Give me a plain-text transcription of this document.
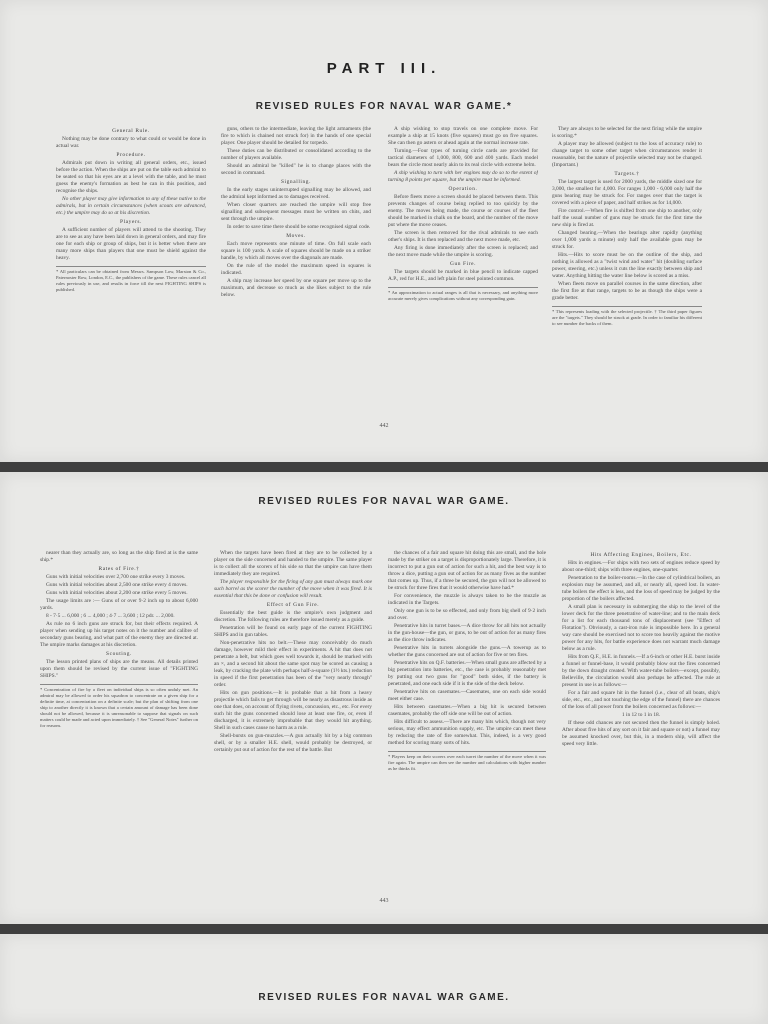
PART III.
REVISED RULES FOR NAVAL WAR GAME.*
General Rule.

Nothing may be done contrary to what could or would be done in actual war.

Procedure.

Admirals put down in writing all general orders, etc., issued before the action. When the ships are put on the table each admiral to be seated so that his eyes are at a level with the table, and he must guess the enemy's formation as best he can in this position, and recognise the ships.

No other player may give information to any of these native to the admirals, but in certain circumstances (when scouts are advanced, etc.) the umpire may do so at his discretion.

Players.

A sufficient number of players will attend to the shooting. They are to see as any have been laid down in general orders, and may fire one for each ship or group of ships, but it is better when there are many more ships than players that one must be shield against the heavy.

* All particulars can be obtained from Messrs. Sampson Low, Marston & Co., Paternoster Row, London, E.C., the publishers of the game. These rules cancel all rules previously in use, and results in force till the next FIGHTING SHIPS is published.

guns, others to the intermediate, leaving the light armaments (the fire to which is chained not struck for) in the hands of one special player. One player should be detailed for torpedo.

These duties can be distributed or consolidated according to the number of players available.

Should an admiral be "killed" he is to change places with the second in command.

Signalling.

In the early stages uninterrupted signalling may be allowed, and the admiral kept informed as to damages received.

When closer quarters are reached the umpire will stop free signalling and subsequent messages must be written on chits, and sent through the umpire.

In order to save time there should be some recognised signal code.

Moves.

Each move represents one minute of time. On full scale each square is 100 yards. A scale of squares should be made on a striker handle, by which all moves over the diagonals are made.

On the rule of the model the maximum speed in squares is indicated.

A ship may increase her speed by one square per move up to the maximum, and decrease so much as she likes subject to the rule below.

A ship wishing to stop travels on one complete move. For example a ship at 15 knots (five squares) must go on five squares. She can then go astern or ahead again at the normal increase rate.

Turning.—Four types of turning circle cards are provided for tactical diameters of 1,000, 800, 600 and 400 yards. Each model bears the circle most nearly akin to its real circle with extreme helm.

A ship wishing to turn with her engines may do so to the extent of turning 8 points per square, but the umpire must be informed.

Operation.

Before fleets move a screen should be placed between them. This prevents changes of course being replied to too quickly by the enemy. The moves being made, the course or courses of the fleet should be marked in chalk on the board, and the number of the move put where the move ceases.

The screen is then removed for the rival admirals to see each other's ships. It is then replaced and the next move made, etc.

Any firing is done immediately after the screen is replaced; and the next move made while the umpire is scoring.

Gun Fire.

The targets should be marked in blue pencil to indicate capped A.P., red for H.E., and left plain for steel pointed common.

* An approximation to actual ranges is all that is necessary, and anything more accurate merely gives complications without any corresponding gain.

They are always to be selected for the next firing while the umpire is scoring.*

A player may be allowed (subject to the loss of accuracy rule) to change target to some other target when circumstances render it reasonable, but the nature of projectile selected may not be changed. (Important.)

Targets.†

The largest target is used for 2000 yards, the middle sized one for 3,000, the smallest for 4,000. For ranges 1,000 - 6,000 only half the guns bearing may be struck for. For ranges over that the target is covered with a piece of paper, and half strikes as for 14,000.

Fire control.—When fire is shifted from one ship to another, only half the usual number of guns may be struck for the first time the new ship is fired at.

Changed bearing.—When the bearings alter rapidly (anything over 1,000 yards a minute) only half the available guns may be struck for.

Hits.—Hits to score must be on the outline of the ship, and nothing is allowed as a "twist wind and water" hit (doubling surface power, steering, etc.) unless it cuts the line exactly between ship and water. Anything hitting the water line below is scored as a miss.

When fleets move on parallel courses in the same direction, after the first fire at that range, targets to be as though the ships were a grade better.

* This represents loading with the selected projectile. † The third paper figures are the "targets." They should be struck at grade. In order to familiar his different to see number the backs of them.
442
REVISED RULES FOR NAVAL WAR GAME.

nearer than they actually are, so long as the ship fired at is the same ship.*

Rates of Fire.†

Guns with initial velocities over 2,700 one strike every 3 moves.

Guns with initial velocities about 2,500 one strike every 4 moves.

Guns with initial velocities about 2,200 one strike every 5 moves.

The usage limits are :— Guns of or over 9·2 inch up to about 6,000 yards.

8 - 7·5 ... 6,000 ; 6 ... 4,000 ; 4·7 ... 3,600 ; 12 pdr. ... 2,000.

As rule no 6 inch guns are struck for, but their effects required. A player when sending up his target notes on it the number and calibre of secondary guns bearing, and what part of the enemy they are directed at. The umpire marks damages at his discretion.

Scouting.

The lesson printed plans of ships are the means. All details printed upon them should be revised by the current issue of "FIGHTING SHIPS."

* Concentration of fire by a fleet on individual ships is so often unduly met. An admiral may be allowed to order his squadron to concentrate on a given ship for a definite time, at concentration on a definite scale; but the plan of shifting from one ship to another directly it is known that a certain amount of damage has been done should not be allowed, because it is unreasonable to suppose that signals on such matters could be made and acted upon immediately. † See "General Notes" further on for reasons.

When the targets have been fired at they are to be collected by a player on the side concerned and handed to the umpire. The same player is to collect all the scorers of his side so that the umpire can have them immediately they are required.

The player responsible for the firing of any gun must always mark one such barrel as the scorer the number of the move when it was fired. It is essential that this be done or confusion will result.

Effect of Gun Fire.

Essentially the best guide is the umpire's own judgment and discretion. The following rules are therefore issued merely as a guide.

Penetration will be found on early page of the current FIGHTING SHIPS and in gun tables.

Non-penetrative hits no belt.—These may conceivably do much damage, however mild their effect in experiments. A hit that does not penetrate a belt, but which goes well towards it, should be marked with an ×, and a second hit about the same spot may be scored as causing a leak, by cracking the plate with perhaps half-a-square (1½ kts.) reduction in speed if the first penetration has been of the "very nearly through" order.

Hits on gun positions.—It is probable that a hit from a heavy projectile which fails to get through will be nearly as disastrous inside as one that does, on account of flying rivets, concussion, etc., etc. For every such hit the guns concerned should lose at least one fire, or, even if discharged, it is extremely improbable that they would hit anything. Shell in such cases cause no harm as a rule.

Shell-bursts on gun-muzzles.—A gun actually hit by a big common shell, or by a smaller H.E. shell, would probably be destroyed, or certainly put out of action for the rest of the battle. But

the chances of a fair and square hit doing this are small, and the hole made by the striker on a target is disproportionately large. Therefore, it is incorrect to put a gun out of action for such a hit, and the best way is to throw a dice, putting a gun out of action for as many fives as the number that comes up. Thus, if a three be secured, the gun will not be allowed to be struck for three fires that it would otherwise have had.*

For convenience, the muzzle is always taken to be the muzzle as indicated in the Targets.

Only one gun is to be so effected, and only from big shell of 9·2 inch and over.

Penetrative hits in turret bases.—A dice throw for all hits not actually in the gun-house—the gun, or guns, to be out of action for as many fires as the dice throw indicates.

Penetrative hits in turrets alongside the guns.—A towerup as to whether the guns concerned are out of action for five or ten fires.

Penetrative hits on Q.F. batteries.—When small guns are affected by a big penetration into batteries, etc., the case is probably reasonably met by putting out two guns for "good" both sides, if the battery is penetrated, and one each side if it is the side of the deck below.

Penetrative hits on casemates.—Casemates, one on each side would meet either case.

Hits between casemates.—When a big hit is secured between casemates, probably the off side one will be out of action.

Hits difficult to assess.—There are many hits which, though not very serious, may effect ammunition supply, etc. The umpire can meet these by reducing the rate of fire somewhat. This, indeed, is a very good method for scoring many sorts of hits.

* Players keep on their scorers over each turret the number of the move when it was fire again. The umpire can then see the number and calculations with higher number as he thinks fit.
Hits Affecting Engines, Boilers, Etc.

Hits in engines.—For ships with two sets of engines reduce speed by about one-third; ships with three engines, one-quarter.

Penetration to the boiler-rooms.—In the case of cylindrical boilers, an explosion may be assumed, and all, or nearly all, speed lost. In water-tube boilers the effect is less, and the loss of speed may be judged by the proportion of the boilers affected.

A small plan is necessary in submerging the ship to the level of the lower deck for the three penetrative of water-line; and to the main deck for a list for each thousand tons of displacement (see "Effect of Flotation"). Obviously, a cast-iron rule is impossible here. In a general way care should be exercised not to score too heavily against the motive power for any hits, for battle experience does not warrant much damage below as a rule.

Hits from Q.F., H.E. in funnels.—If a 6-inch or other H.E. burst inside a funnel or funnel-base, it would probably blow out the fires concerned by the down draught created. With water-tube boilers—except, possibly, Belleville, the circulation would also perhaps be affected. The rule at present in use is as follows:—

For a fair and square hit in the funnel (i.e., clear of all boats, ship's side, etc., etc., and not touching the edge of the funnel) there are chances of the loss of all power from the boilers concerned as follows:—

1 in 12 to 1 in 18.

If these odd chances are not secured then the funnel is simply holed. After about five hits of any sort on it fair and square or not) a funnel may be assumed knocked over, but this, in a modern ship, will affect the speed very little.

443
REVISED RULES FOR NAVAL WAR GAME.
